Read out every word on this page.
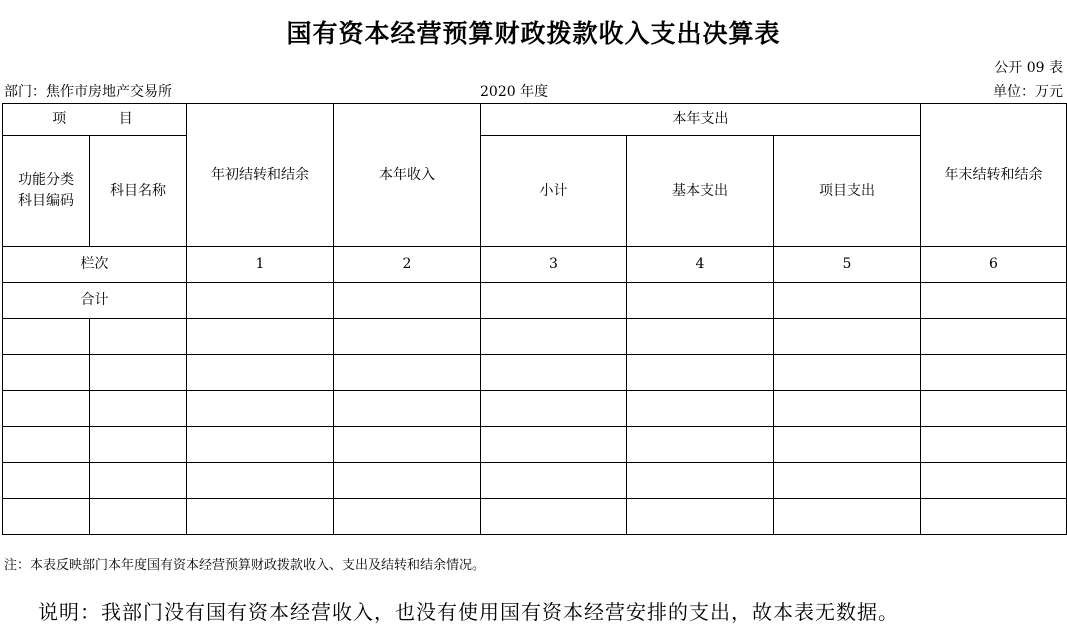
国有资本经营预算财政拨款收入支出决算表
公开 09 表
部门：焦作市房地产交易所	2020 年度	单位：万元
项 目		年初结转和结余	本年收入	本年支出			年末结转和结余

功能分类科目编码	科目名称			小计	基本支出	项目支出	
栏次		1	2	3	4	5	6
合计							

注：本表反映部门本年度国有资本经营预算财政拨款收入、支出及结转和结余情况。
说明：我部门没有国有资本经营收入，也没有使用国有资本经营安排的支出，故本表无数据。
